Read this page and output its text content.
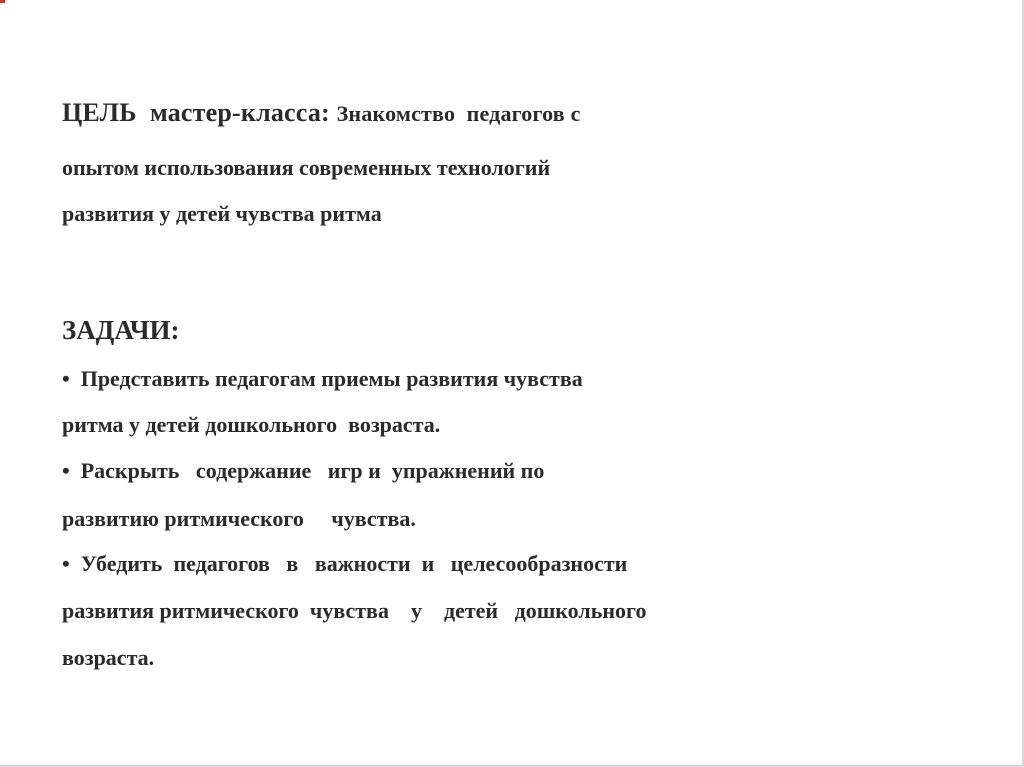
ЦЕЛЬ  мастер-класса: Знакомство  педагогов с
опытом использования современных технологий
развития у детей чувства ритма
ЗАДАЧИ:
•  Представить педагогам приемы развития чувства
ритма у детей дошкольного  возраста.
•  Раскрыть   содержание   игр и  упражнений по
развитию ритмического     чувства.
•  Убедить  педагогов   в   важности  и   целесообразности
развития ритмического  чувства    у    детей   дошкольного
возраста.
